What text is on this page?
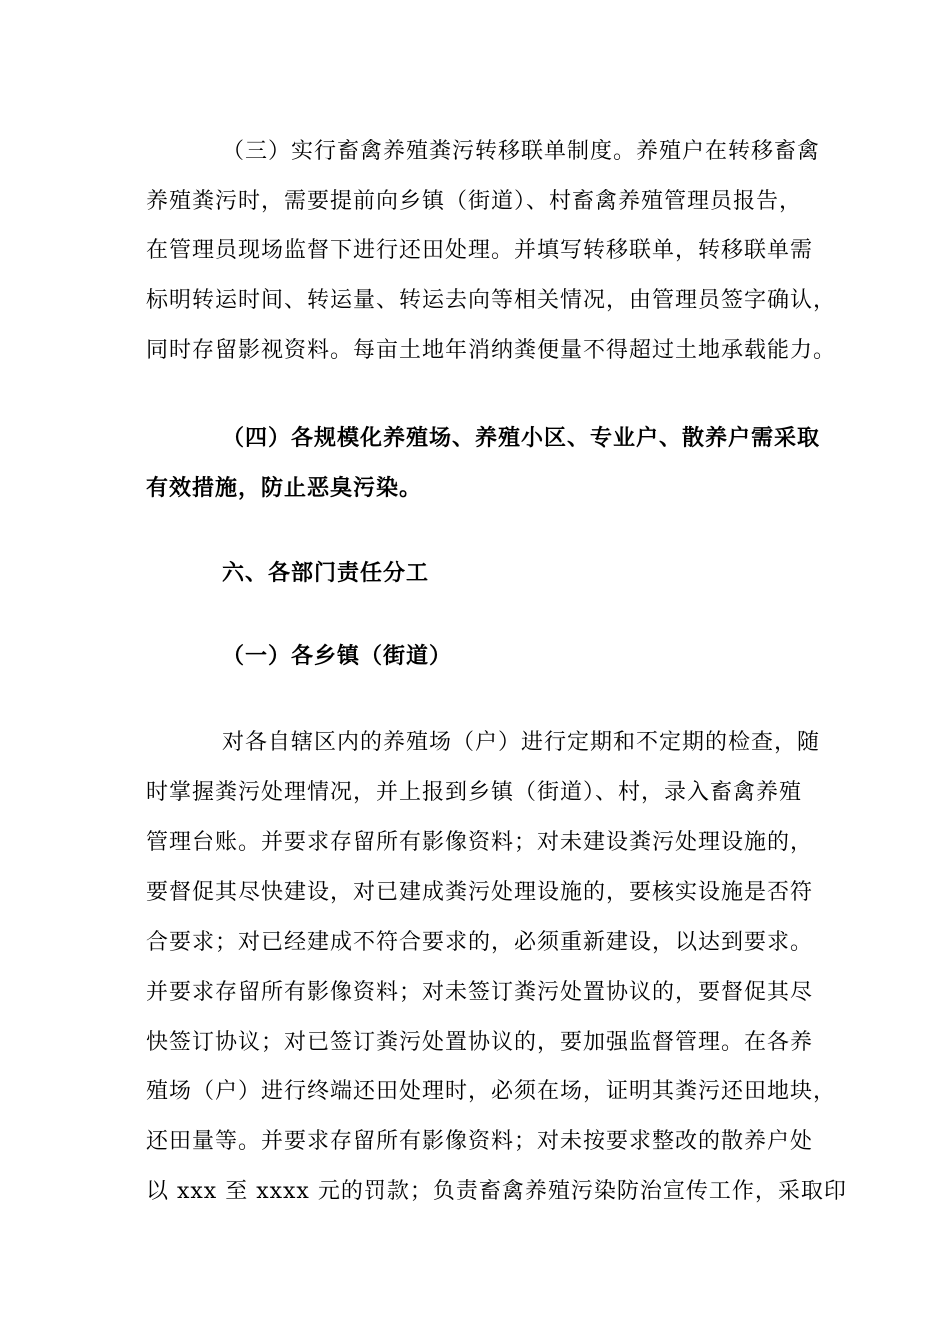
（三）实行畜禽养殖粪污转移联单制度。养殖户在转移畜禽
养殖粪污时，需要提前向乡镇（街道）、村畜禽养殖管理员报告，
在管理员现场监督下进行还田处理。并填写转移联单，转移联单需
标明转运时间、转运量、转运去向等相关情况，由管理员签字确认，
同时存留影视资料。每亩土地年消纳粪便量不得超过土地承载能力。
（四）各规模化养殖场、养殖小区、专业户、散养户需采取
有效措施，防止恶臭污染。
六、各部门责任分工
（一）各乡镇（街道）
对各自辖区内的养殖场（户）进行定期和不定期的检查，随
时掌握粪污处理情况，并上报到乡镇（街道）、村，录入畜禽养殖
管理台账。并要求存留所有影像资料；对未建设粪污处理设施的，
要督促其尽快建设，对已建成粪污处理设施的，要核实设施是否符
合要求；对已经建成不符合要求的，必须重新建设，以达到要求。
并要求存留所有影像资料；对未签订粪污处置协议的，要督促其尽
快签订协议；对已签订粪污处置协议的，要加强监督管理。在各养
殖场（户）进行终端还田处理时，必须在场，证明其粪污还田地块，
还田量等。并要求存留所有影像资料；对未按要求整改的散养户处
以 xxx 至 xxxx 元的罚款；负责畜禽养殖污染防治宣传工作，采取印
